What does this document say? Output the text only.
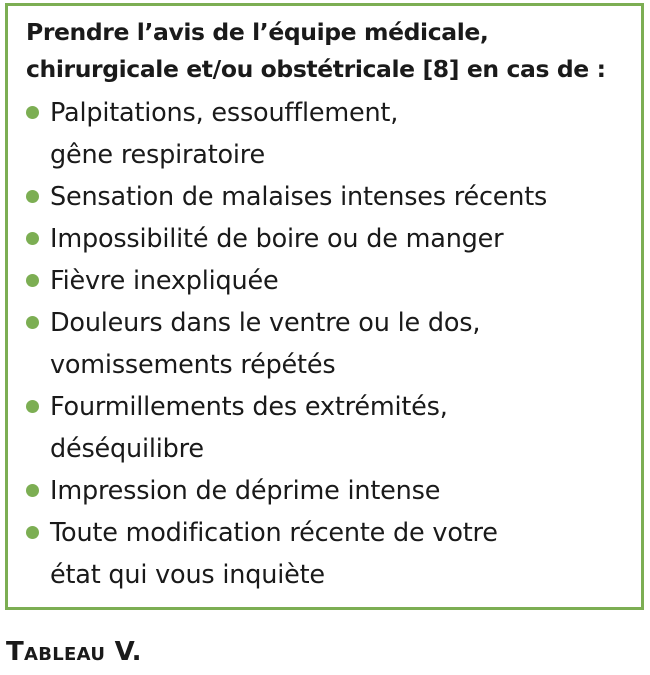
Prendre l’avis de l’équipe médicale,
chirurgicale et/ou obstétricale [8] en cas de :
Palpitations, essoufflement,
gêne respiratoire
Sensation de malaises intenses récents
Impossibilité de boire ou de manger
Fièvre inexpliquée
Douleurs dans le ventre ou le dos,
vomissements répétés
Fourmillements des extrémités,
déséquilibre
Impression de déprime intense
Toute modification récente de votre
état qui vous inquiète
Tableau V.
